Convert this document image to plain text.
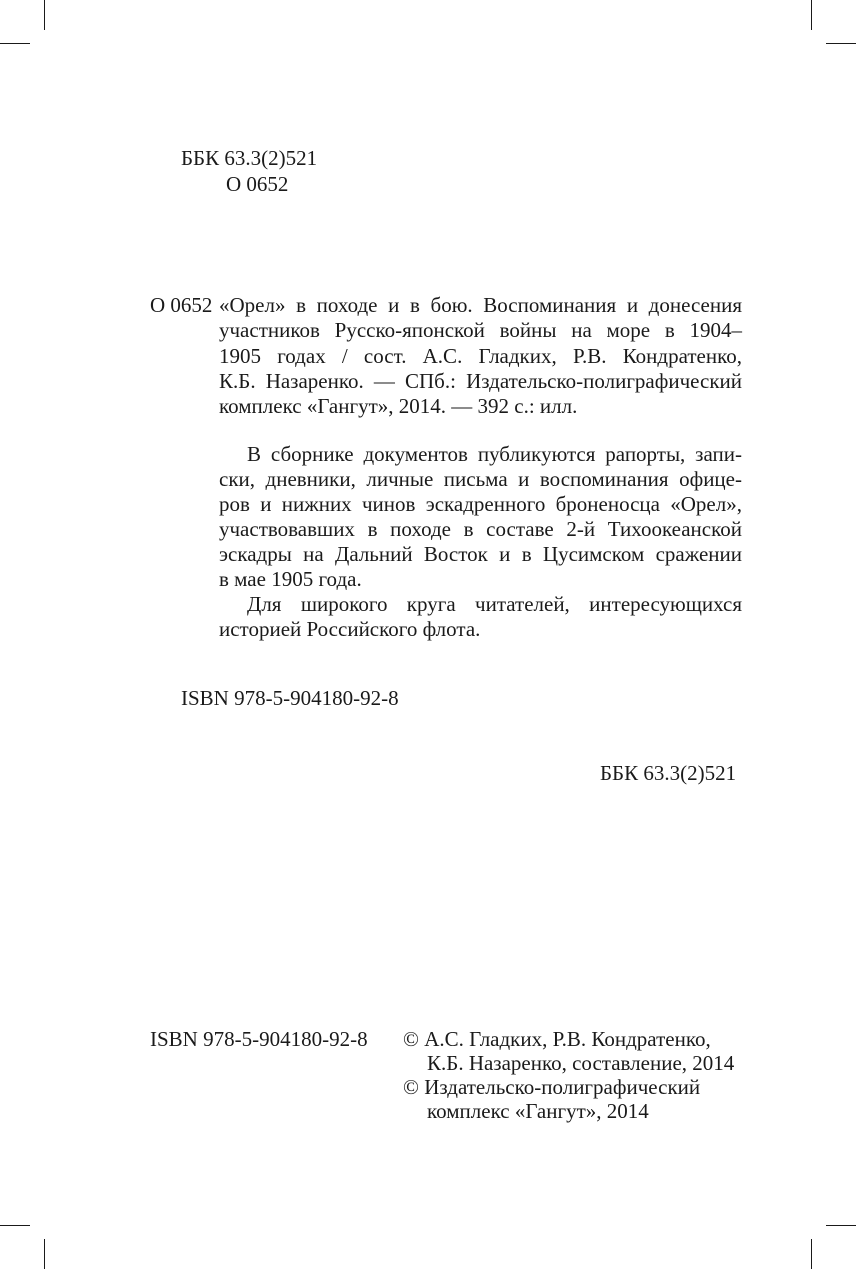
ББК 63.3(2)521
О 0652
О 0652 «Орел» в походе и в бою. Воспоминания и донесения
участников Русско-японской войны на море в 1904–
1905 годах / сост. А.С. Гладких, Р.В. Кондратенко,
К.Б. Назаренко. — СПб.: Издательско-полиграфический
комплекс «Гангут», 2014. — 392 с.: илл.
В сборнике документов публикуются рапорты, запи-
ски, дневники, личные письма и воспоминания офице-
ров и нижних чинов эскадренного броненосца «Орел»,
участвовавших в походе в составе 2-й Тихоокеанской
эскадры на Дальний Восток и в Цусимском сражении
в мае 1905 года.
Для широкого круга читателей, интересующихся
историей Российского флота.
ISBN 978-5-904180-92-8
ББК 63.3(2)521
ISBN 978-5-904180-92-8 © А.С. Гладких, Р.В. Кондратенко,
К.Б. Назаренко, составление, 2014
© Издательско-полиграфический
комплекс «Гангут», 2014
